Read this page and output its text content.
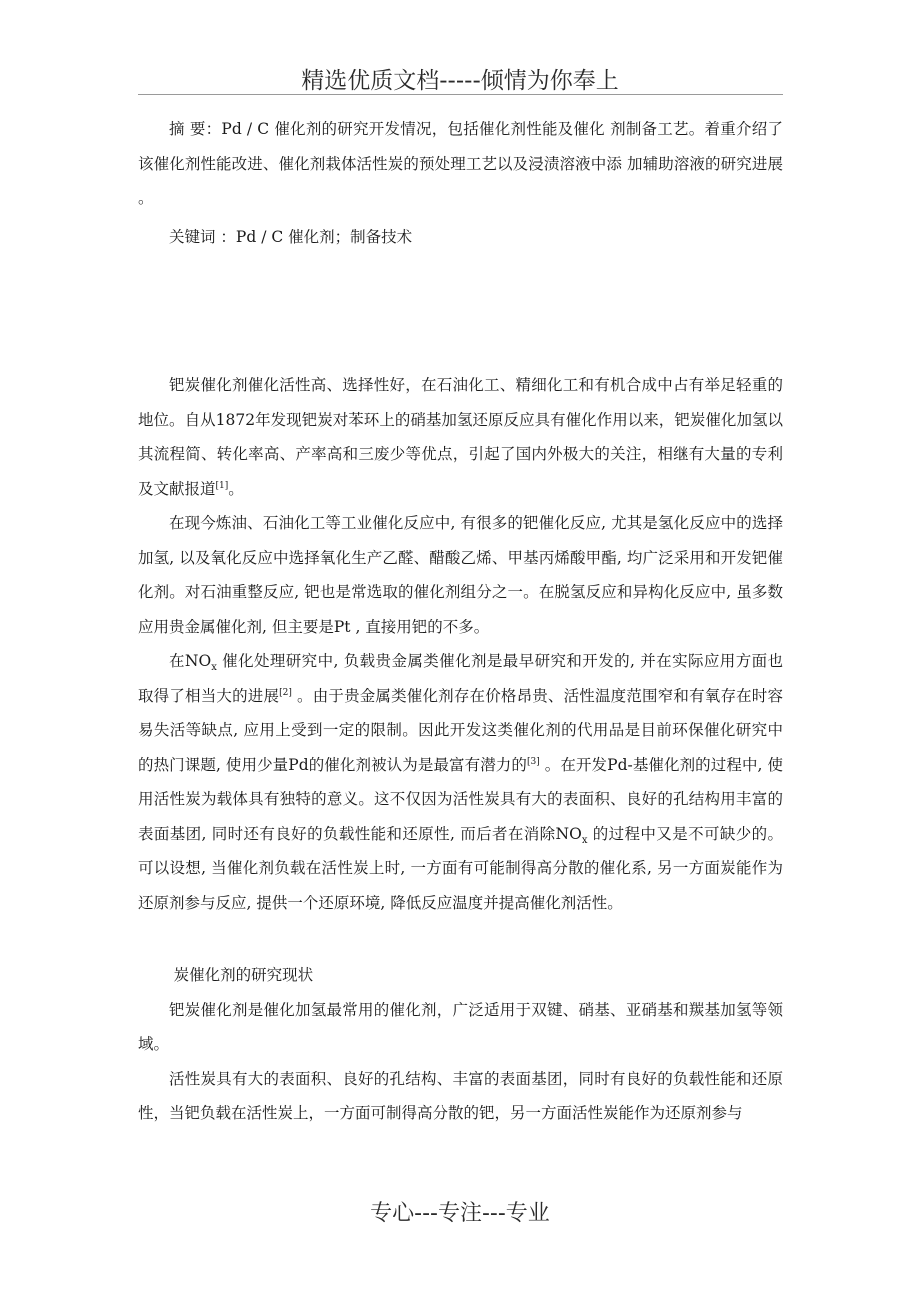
精选优质文档-----倾情为你奉上

摘 要：Pd / C 催化剂的研究开发情况，包括催化剂性能及催化 剂制备工艺。着重介绍了该催化剂性能改进、催化剂栽体活性炭的预处理工艺以及浸渍溶液中添 加辅助溶液的研究进展 。

关键词 ：Pd / C 催化剂；制备技术

钯炭催化剂催化活性高、选择性好，在石油化工、精细化工和有机合成中占有举足轻重的地位。自从1872年发现钯炭对苯环上的硝基加氢还原反应具有催化作用以来，钯炭催化加氢以其流程简、转化率高、产率高和三废少等优点，引起了国内外极大的关注，相继有大量的专利及文献报道[1]。

在现今炼油、石油化工等工业催化反应中, 有很多的钯催化反应, 尤其是氢化反应中的选择加氢, 以及氧化反应中选择氧化生产乙醛、醋酸乙烯、甲基丙烯酸甲酯, 均广泛采用和开发钯催化剂。对石油重整反应, 钯也是常选取的催化剂组分之一。在脱氢反应和异构化反应中, 虽多数应用贵金属催化剂, 但主要是Pt , 直接用钯的不多。

在$NO_x$ 催化处理研究中, 负载贵金属类催化剂是最早研究和开发的, 并在实际应用方面也取得了相当大的进展[2] 。由于贵金属类催化剂存在价格昂贵、活性温度范围窄和有氧存在时容易失活等缺点, 应用上受到一定的限制。因此开发这类催化剂的代用品是目前环保催化研究中的热门课题, 使用少量Pd的催化剂被认为是最富有潜力的[3] 。在开发Pd-基催化剂的过程中, 使用活性炭为载体具有独特的意义。这不仅因为活性炭具有大的表面积、良好的孔结构用丰富的表面基团, 同时还有良好的负载性能和还原性, 而后者在消除$NO_x$ 的过程中又是不可缺少的。可以设想, 当催化剂负载在活性炭上时, 一方面有可能制得高分散的催化系, 另一方面炭能作为还原剂参与反应, 提供一个还原环境, 降低反应温度并提高催化剂活性。

炭催化剂的研究现状

钯炭催化剂是催化加氢最常用的催化剂，广泛适用于双键、硝基、亚硝基和羰基加氢等领域。

活性炭具有大的表面积、良好的孔结构、丰富的表面基团，同时有良好的负载性能和还原性，当钯负载在活性炭上，一方面可制得高分散的钯，另一方面活性炭能作为还原剂参与

专心---专注---专业
